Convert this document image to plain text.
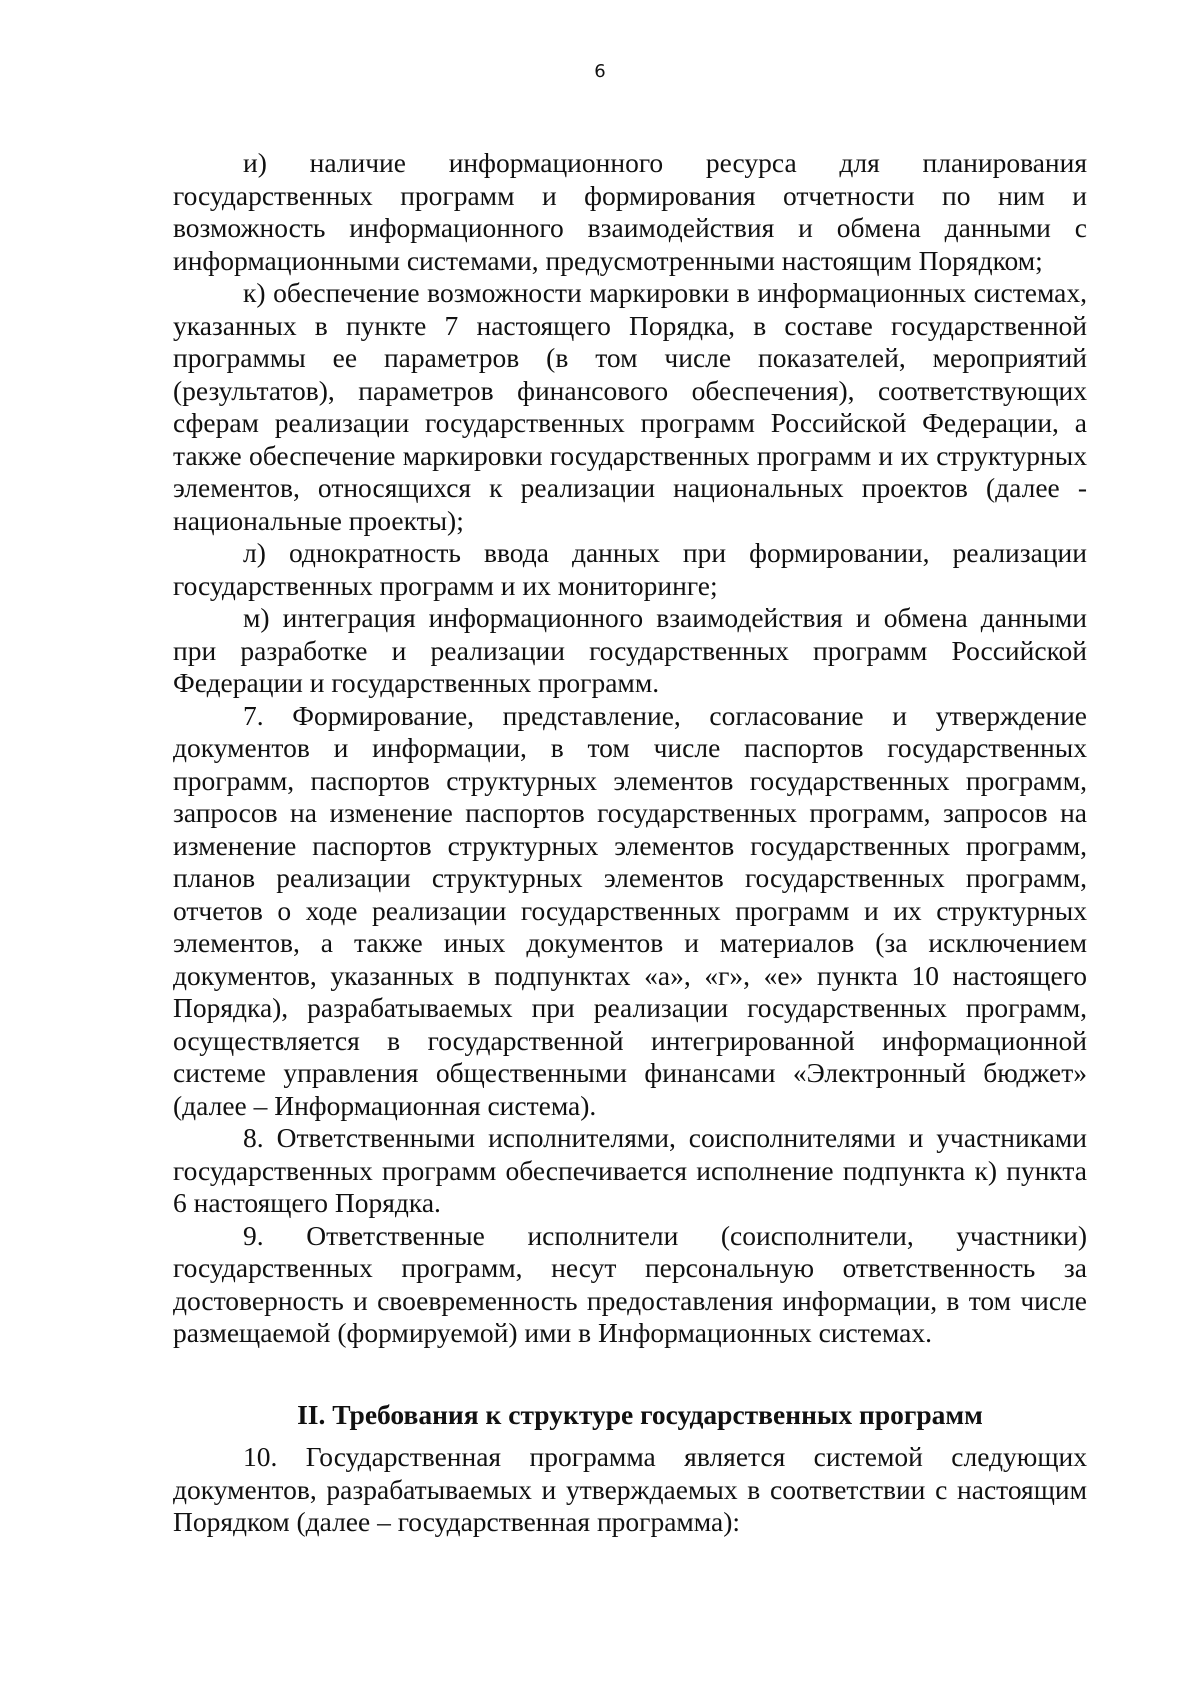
6

и) наличие информационного ресурса для планирования государственных программ и формирования отчетности по ним и возможность информационного взаимодействия и обмена данными с информационными системами, предусмотренными настоящим Порядком;

к) обеспечение возможности маркировки в информационных системах, указанных в пункте 7 настоящего Порядка, в составе государственной программы ее параметров (в том числе показателей, мероприятий (результатов), параметров финансового обеспечения), соответствующих сферам реализации государственных программ Российской Федерации, а также обеспечение маркировки государственных программ и их структурных элементов, относящихся к реализации национальных проектов (далее - национальные проекты);

л) однократность ввода данных при формировании, реализации государственных программ и их мониторинге;

м) интеграция информационного взаимодействия и обмена данными при разработке и реализации государственных программ Российской Федерации и государственных программ.

7. Формирование, представление, согласование и утверждение документов и информации, в том числе паспортов государственных программ, паспортов структурных элементов государственных программ, запросов на изменение паспортов государственных программ, запросов на изменение паспортов структурных элементов государственных программ, планов реализации структурных элементов государственных программ, отчетов о ходе реализации государственных программ и их структурных элементов, а также иных документов и материалов (за исключением документов, указанных в подпунктах «а», «г», «е» пункта 10 настоящего Порядка), разрабатываемых при реализации государственных программ, осуществляется в государственной интегрированной информационной системе управления общественными финансами «Электронный бюджет» (далее – Информационная система).

8. Ответственными исполнителями, соисполнителями и участниками государственных программ обеспечивается исполнение подпункта к) пункта 6 настоящего Порядка.

9. Ответственные исполнители (соисполнители, участники) государственных программ, несут персональную ответственность за достоверность и своевременность предоставления информации, в том числе размещаемой (формируемой) ими в Информационных системах.

II. Требования к структуре государственных программ

10. Государственная программа является системой следующих документов, разрабатываемых и утверждаемых в соответствии с настоящим Порядком (далее – государственная программа):
